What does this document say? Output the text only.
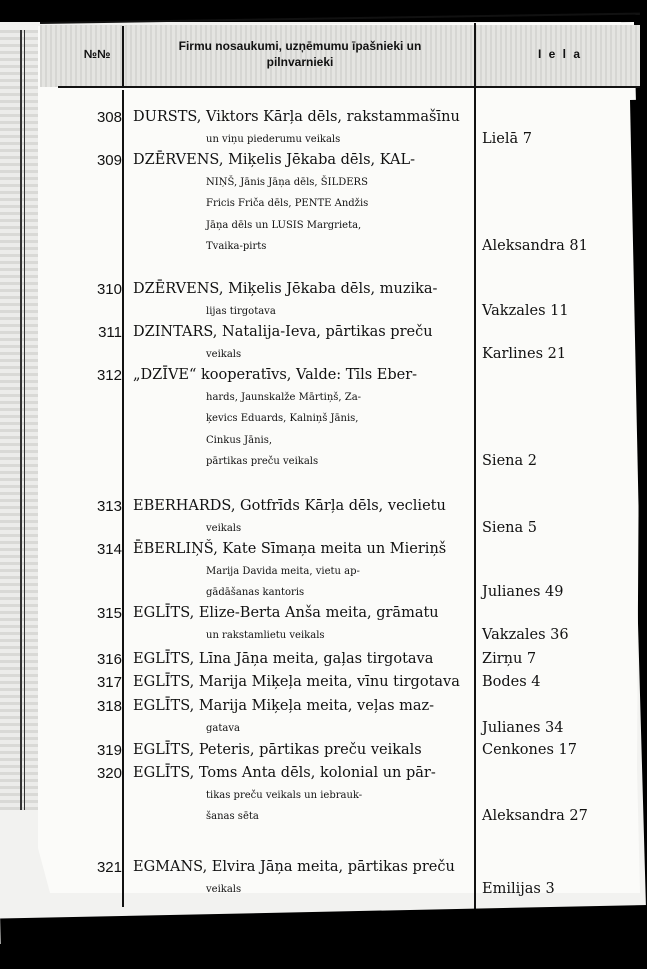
№№
Firmu nosaukumi, uzņēmumu īpašnieki un
pilnvarnieki
I e l a
308 DURSTS, Viktors Kārļa dēls, rakstammašīnu
un viņu piederumu veikals	Lielā 7
309 DZĒRVENS, Miķelis Jēkaba dēls, KAL-
NIŅŠ, Jānis Jāņa dēls, ŠILDERS
Fricis Friča dēls, PENTE Andžis
Jāņa dēls un LUSIS Margrieta,
Tvaika-pirts	Aleksandra 81
310 DZĒRVENS, Miķelis Jēkaba dēls, muzika-
lijas tirgotava	Vakzales 11
311 DZINTARS, Natalija-Ieva, pārtikas preču
veikals	Karlines 21
312 „DZĪVE“ kooperatīvs, Valde: Tīls Eber-
hards, Jaunskalže Mārtiņš, Za-
ķevics Eduards, Kalniņš Jānis,
Cinkus Jānis,
pārtikas preču veikals	Siena 2
313 EBERHARDS, Gotfrīds Kārļa dēls, veclietu
veikals	Siena 5
314 ĒBERLIŅŠ, Kate Sīmaņa meita un Mieriņš
Marija Davida meita, vietu ap-
gādāšanas kantoris	Julianes 49
315 EGLĪTS, Elize-Berta Anša meita, grāmatu
un rakstamlietu veikals	Vakzales 36
316 EGLĪTS, Līna Jāņa meita, gaļas tirgotava	Zirņu 7
317 EGLĪTS, Marija Miķeļa meita, vīnu tirgotava	Bodes 4
318 EGLĪTS, Marija Miķeļa meita, veļas maz-
gatava	Julianes 34
319 EGLĪTS, Peteris, pārtikas preču veikals	Cenkones 17
320 EGLĪTS, Toms Anta dēls, kolonial un pār-
tikas preču veikals un iebrauk-
šanas sēta	Aleksandra 27
321 EGMANS, Elvira Jāņa meita, pārtikas preču
veikals	Emilijas 3
